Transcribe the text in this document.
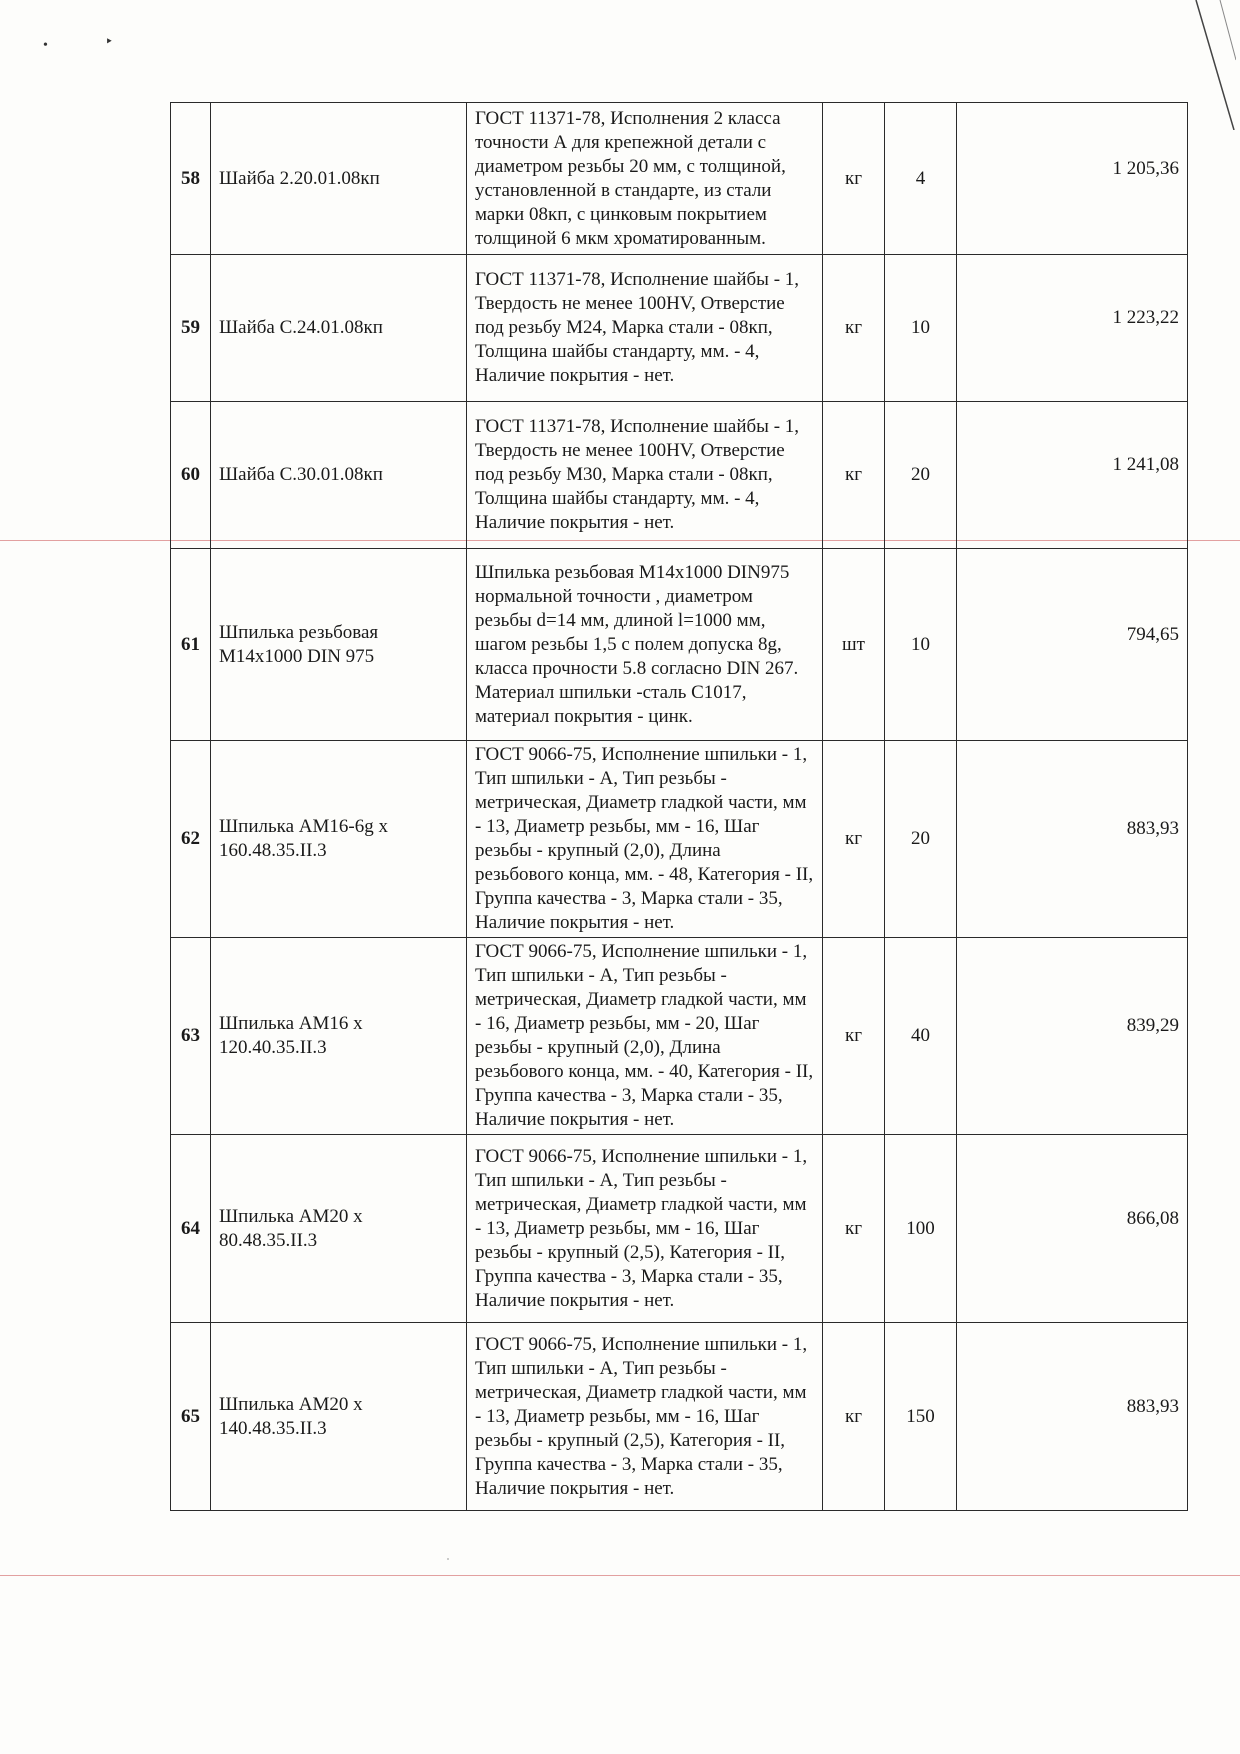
•	‣
58	Шайба 2.20.01.08кп	ГОСТ 11371-78, Исполнения 2 класса точности А для крепежной детали с диаметром резьбы 20 мм, с толщиной, установленной в стандарте, из стали марки 08кп, с цинковым покрытием толщиной 6 мкм хроматированным.	кг	4	1 205,36

59	Шайба С.24.01.08кп	ГОСТ 11371-78, Исполнение шайбы - 1, Твердость не менее 100HV, Отверстие под резьбу М24, Марка стали - 08кп, Толщина шайбы стандарту, мм. - 4, Наличие покрытия - нет.	кг	10	1 223,22

60	Шайба С.30.01.08кп	ГОСТ 11371-78, Исполнение шайбы - 1, Твердость не менее 100HV, Отверстие под резьбу М30, Марка стали - 08кп, Толщина шайбы стандарту, мм. - 4, Наличие покрытия - нет.	кг	20	1 241,08

61	Шпилька резьбовая М14х1000 DIN 975	Шпилька резьбовая М14х1000 DIN975 нормальной точности , диаметром резьбы d=14 мм, длиной l=1000 мм, шагом резьбы 1,5 с полем допуска 8g, класса прочности 5.8 согласно DIN 267. Материал шпильки -сталь C1017, материал покрытия - цинк.	шт	10	794,65

62	Шпилька АМ16-6g х 160.48.35.II.3	ГОСТ 9066-75, Исполнение шпильки - 1, Тип шпильки - А, Тип резьбы - метрическая, Диаметр гладкой части, мм - 13, Диаметр резьбы, мм - 16, Шаг резьбы - крупный (2,0), Длина резьбового конца, мм. - 48, Категория - II, Группа качества - 3, Марка стали - 35, Наличие покрытия - нет.	кг	20	883,93

63	Шпилька АМ16 х 120.40.35.II.3	ГОСТ 9066-75, Исполнение шпильки - 1, Тип шпильки - А, Тип резьбы - метрическая, Диаметр гладкой части, мм - 16, Диаметр резьбы, мм - 20, Шаг резьбы - крупный (2,0), Длина резьбового конца, мм. - 40, Категория - II, Группа качества - 3, Марка стали - 35, Наличие покрытия - нет.	кг	40	839,29

64	Шпилька АМ20 х 80.48.35.II.3	ГОСТ 9066-75, Исполнение шпильки - 1, Тип шпильки - А, Тип резьбы - метрическая, Диаметр гладкой части, мм - 13, Диаметр резьбы, мм - 16, Шаг резьбы - крупный (2,5), Категория - II, Группа качества - 3, Марка стали - 35, Наличие покрытия - нет.	кг	100	866,08

65	Шпилька АМ20 х 140.48.35.II.3	ГОСТ 9066-75, Исполнение шпильки - 1, Тип шпильки - А, Тип резьбы - метрическая, Диаметр гладкой части, мм - 13, Диаметр резьбы, мм - 16, Шаг резьбы - крупный (2,5), Категория - II, Группа качества - 3, Марка стали - 35, Наличие покрытия - нет.	кг	150	883,93
